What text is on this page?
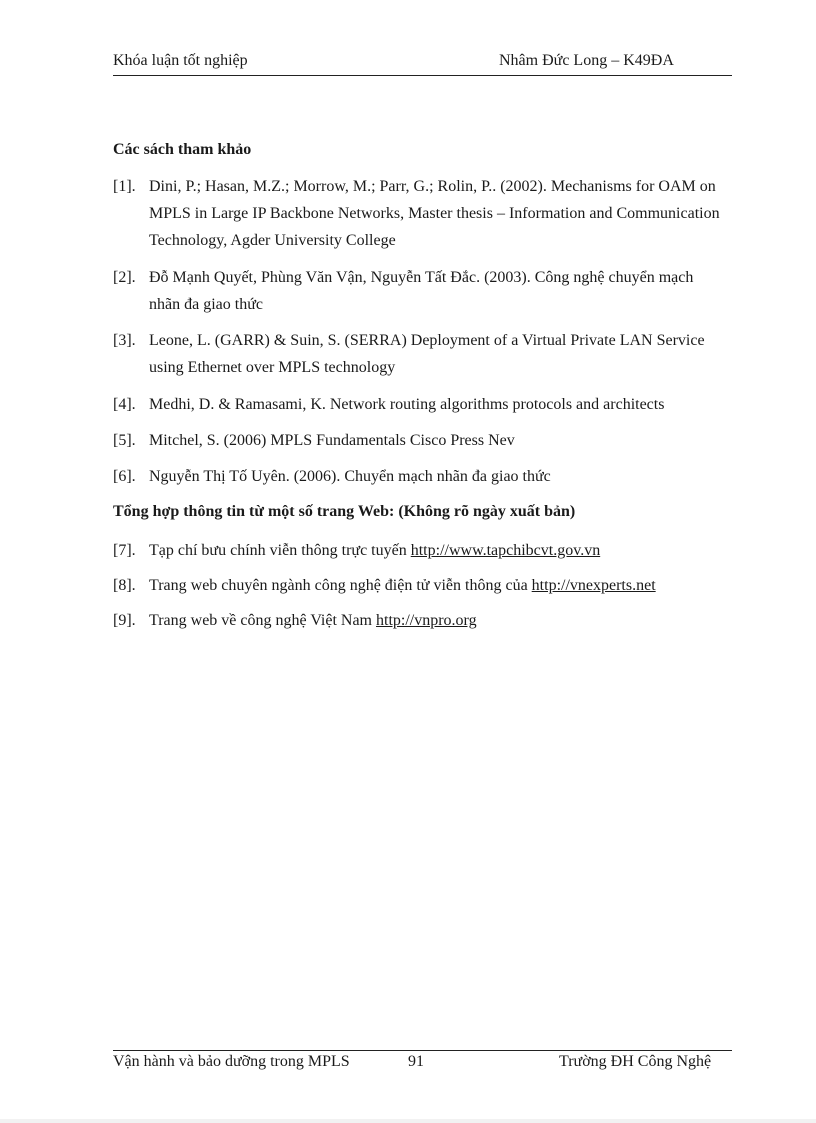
Khóa luận tốt nghiệp	Nhâm Đức Long – K49ĐA
Các sách tham khảo
[1]. Dini, P.; Hasan, M.Z.; Morrow, M.; Parr, G.; Rolin, P.. (2002). Mechanisms for OAM on MPLS in Large IP Backbone Networks, Master thesis – Information and Communication Technology, Agder University College
[2]. Đỗ Mạnh Quyết, Phùng Văn Vận, Nguyễn Tất Đắc. (2003). Công nghệ chuyển mạch nhãn đa giao thức
[3]. Leone, L. (GARR) & Suin, S. (SERRA) Deployment of a Virtual Private LAN Service using Ethernet over MPLS technology
[4]. Medhi, D. & Ramasami, K. Network routing algorithms protocols and architects
[5]. Mitchel, S. (2006) MPLS Fundamentals Cisco Press Nev
[6]. Nguyễn Thị Tố Uyên. (2006). Chuyển mạch nhãn đa giao thức
Tổng hợp thông tin từ một số trang Web: (Không rõ ngày xuất bản)
[7]. Tạp chí bưu chính viễn thông trực tuyến http://www.tapchibcvt.gov.vn
[8]. Trang web chuyên ngành công nghệ điện tử viễn thông của http://vnexperts.net
[9]. Trang web về công nghệ Việt Nam http://vnpro.org
Vận hành và bảo dưỡng trong MPLS	91	Trường ĐH Công Nghệ
